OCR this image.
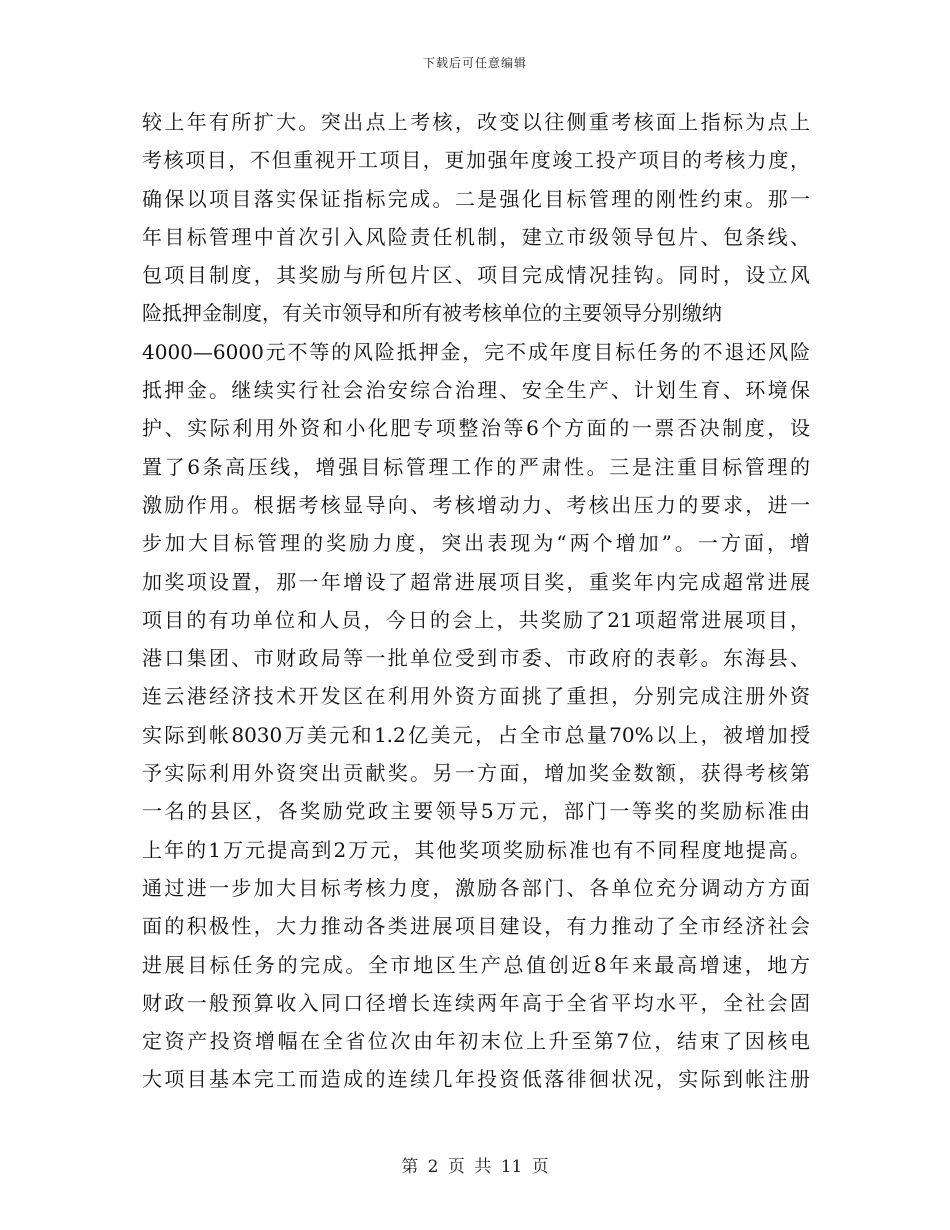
下载后可任意编辑
较上年有所扩大。突出点上考核，改变以往侧重考核面上指标为点上
考核项目，不但重视开工项目，更加强年度竣工投产项目的考核力度，
确保以项目落实保证指标完成。二是强化目标管理的刚性约束。那一
年目标管理中首次引入风险责任机制，建立市级领导包片、包条线、
包项目制度，其奖励与所包片区、项目完成情况挂钩。同时，设立风
险抵押金制度，有关市领导和所有被考核单位的主要领导分别缴纳
4000—6000元不等的风险抵押金，完不成年度目标任务的不退还风险
抵押金。继续实行社会治安综合治理、安全生产、计划生育、环境保
护、实际利用外资和小化肥专项整治等6个方面的一票否决制度，设
置了6条高压线，增强目标管理工作的严肃性。三是注重目标管理的
激励作用。根据考核显导向、考核增动力、考核出压力的要求，进一
步加大目标管理的奖励力度，突出表现为“两个增加”。一方面，增
加奖项设置，那一年增设了超常进展项目奖，重奖年内完成超常进展
项目的有功单位和人员，今日的会上，共奖励了21项超常进展项目，
港口集团、市财政局等一批单位受到市委、市政府的表彰。东海县、
连云港经济技术开发区在利用外资方面挑了重担，分别完成注册外资
实际到帐8030万美元和1.2亿美元，占全市总量70%以上，被增加授
予实际利用外资突出贡献奖。另一方面，增加奖金数额，获得考核第
一名的县区，各奖励党政主要领导5万元，部门一等奖的奖励标准由
上年的1万元提高到2万元，其他奖项奖励标准也有不同程度地提高。
通过进一步加大目标考核力度，激励各部门、各单位充分调动方方面
面的积极性，大力推动各类进展项目建设，有力推动了全市经济社会
进展目标任务的完成。全市地区生产总值创近8年来最高增速，地方
财政一般预算收入同口径增长连续两年高于全省平均水平，全社会固
定资产投资增幅在全省位次由年初末位上升至第7位，结束了因核电
大项目基本完工而造成的连续几年投资低落徘徊状况，实际到帐注册
第 2 页 共 11 页
